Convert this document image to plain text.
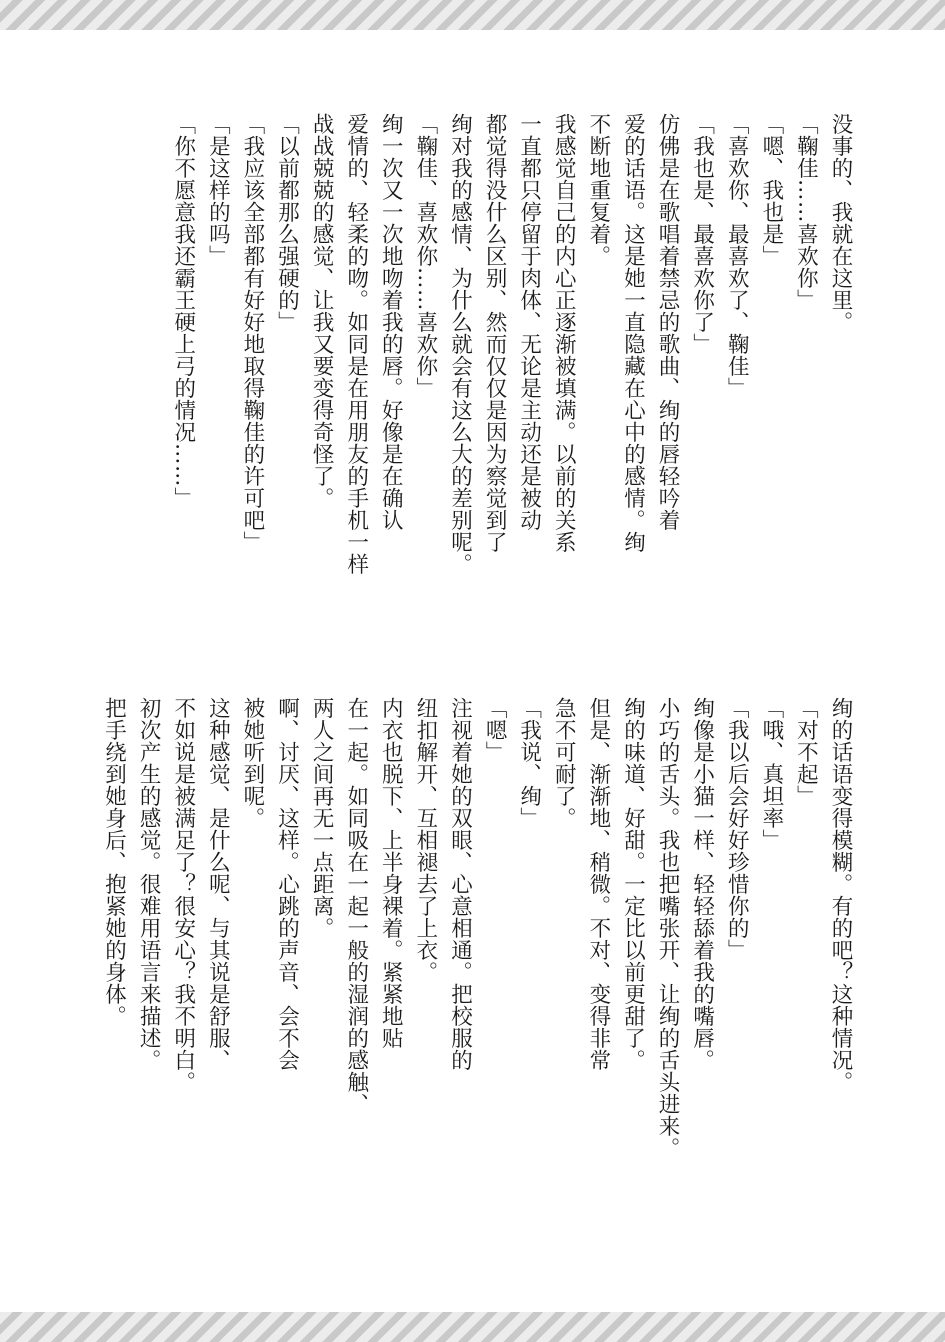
没事的、我就在这里。
「鞠佳……喜欢你」
「嗯、我也是」
「喜欢你、最喜欢了、鞠佳」
「我也是、最喜欢你了」
仿佛是在歌唱着禁忌的歌曲、绚的唇轻吟着
爱的话语。这是她一直隐藏在心中的感情。绚
不断地重复着。
我感觉自己的内心正逐渐被填满。以前的关系
一直都只停留于肉体、无论是主动还是被动
都觉得没什么区别、然而仅仅是因为察觉到了
绚对我的感情、为什么就会有这么大的差别呢。
「鞠佳、喜欢你……喜欢你」
绚一次又一次地吻着我的唇。好像是在确认
爱情的、轻柔的吻。如同是在用朋友的手机一样
战战兢兢的感觉、让我又要变得奇怪了。
「以前都那么强硬的」
「我应该全部都有好好地取得鞠佳的许可吧」
「是这样的吗」
「你不愿意我还霸王硬上弓的情况……」
绚的话语变得模糊。有的吧？这种情况。
「对不起」
「哦、真坦率」
「我以后会好好珍惜你的」
绚像是小猫一样、轻轻舔着我的嘴唇。
小巧的舌头。我也把嘴张开、让绚的舌头进来。
绚的味道、好甜。一定比以前更甜了。
但是、渐渐地、稍微。不对、变得非常
急不可耐了。
「我说、绚」
「嗯」
注视着她的双眼、心意相通。把校服的
纽扣解开、互相褪去了上衣。
内衣也脱下、上半身裸着。紧紧地贴
在一起。如同吸在一起一般的湿润的感触、
两人之间再无一点距离。
啊、讨厌、这样。心跳的声音、会不会
被她听到呢。
这种感觉、是什么呢、与其说是舒服、
不如说是被满足了？很安心？我不明白。
初次产生的感觉。很难用语言来描述。
把手绕到她身后、抱紧她的身体。
